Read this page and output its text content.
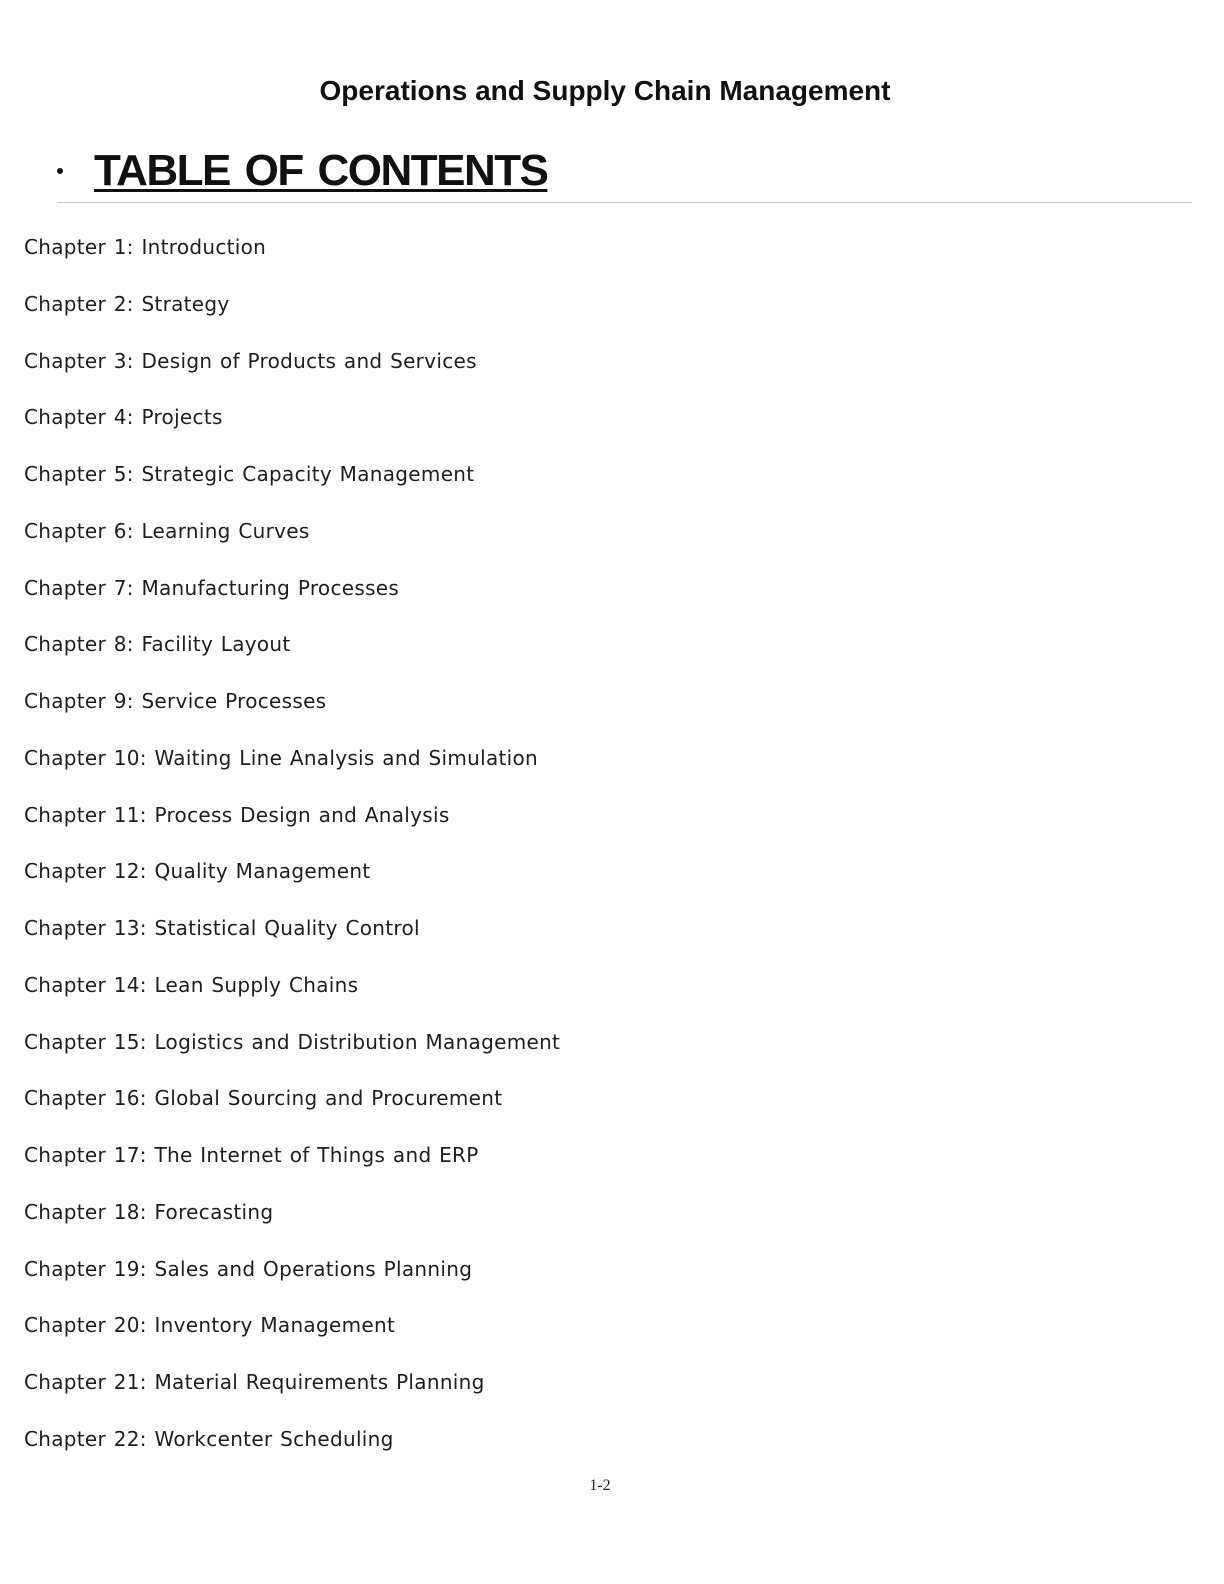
Operations and Supply Chain Management
TABLE OF CONTENTS
Chapter 1: Introduction
Chapter 2: Strategy
Chapter 3: Design of Products and Services
Chapter 4: Projects
Chapter 5: Strategic Capacity Management
Chapter 6: Learning Curves
Chapter 7: Manufacturing Processes
Chapter 8: Facility Layout
Chapter 9: Service Processes
Chapter 10: Waiting Line Analysis and Simulation
Chapter 11: Process Design and Analysis
Chapter 12: Quality Management
Chapter 13: Statistical Quality Control
Chapter 14: Lean Supply Chains
Chapter 15: Logistics and Distribution Management
Chapter 16: Global Sourcing and Procurement
Chapter 17: The Internet of Things and ERP
Chapter 18: Forecasting
Chapter 19: Sales and Operations Planning
Chapter 20: Inventory Management
Chapter 21: Material Requirements Planning
Chapter 22: Workcenter Scheduling
1-2
